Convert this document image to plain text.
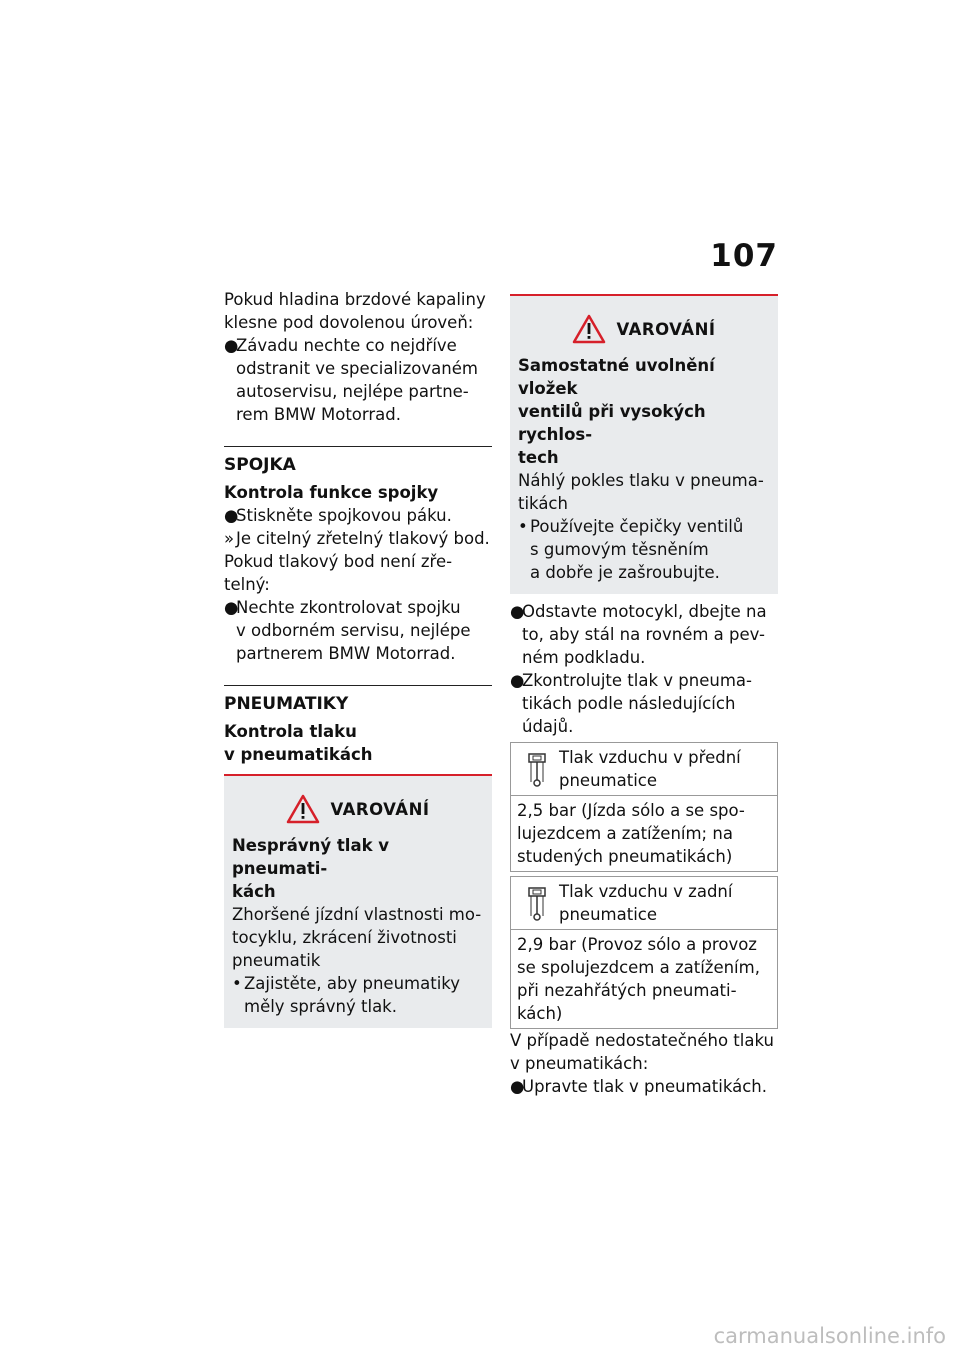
107

Pokud hladina brzdové kapaliny
klesne pod dovolenou úroveň:

●
Závadu nechte co nejdříve
odstranit ve specializovaném
autoservisu, nejlépe partne-
rem BMW Motorrad.

SPOJKA

Kontrola funkce spojky

●
Stiskněte spojkovou páku.
» Je citelný zřetelný tlakový bod.

Pokud tlakový bod není zře-
telný:

●
Nechte zkontrolovat spojku
v odborném servisu, nejlépe
partnerem BMW Motorrad.

PNEUMATIKY

Kontrola tlaku
v pneumatikách

VAROVÁNÍ

Nesprávný tlak v pneumati-
kách

Zhoršené jízdní vlastnosti mo-
tocyklu, zkrácení životnosti
pneumatik

• Zajistěte, aby pneumatiky
měly správný tlak.
VAROVÁNÍ

Samostatné uvolnění vložek
ventilů při vysokých rychlos-
tech

Náhlý pokles tlaku v pneuma-
tikách

• Používejte čepičky ventilů
s gumovým těsněním
a dobře je zašroubujte.
●
Odstavte motocykl, dbejte na
to, aby stál na rovném a pev-
ném podkladu.
●
Zkontrolujte tlak v pneuma-
tikách podle následujících
údajů.
Tlak vzduchu v přední
pneumatice
2,5 bar (Jízda sólo a se spo-
lujezdcem a zatížením; na
studených pneumatikách)
Tlak vzduchu v zadní
pneumatice
2,9 bar (Provoz sólo a provoz
se spolujezdcem a zatížením,
při nezahřátých pneumati-
kách)

V případě nedostatečného tlaku
v pneumatikách:

●
Upravte tlak v pneumatikách.
carmanualsonline.info
